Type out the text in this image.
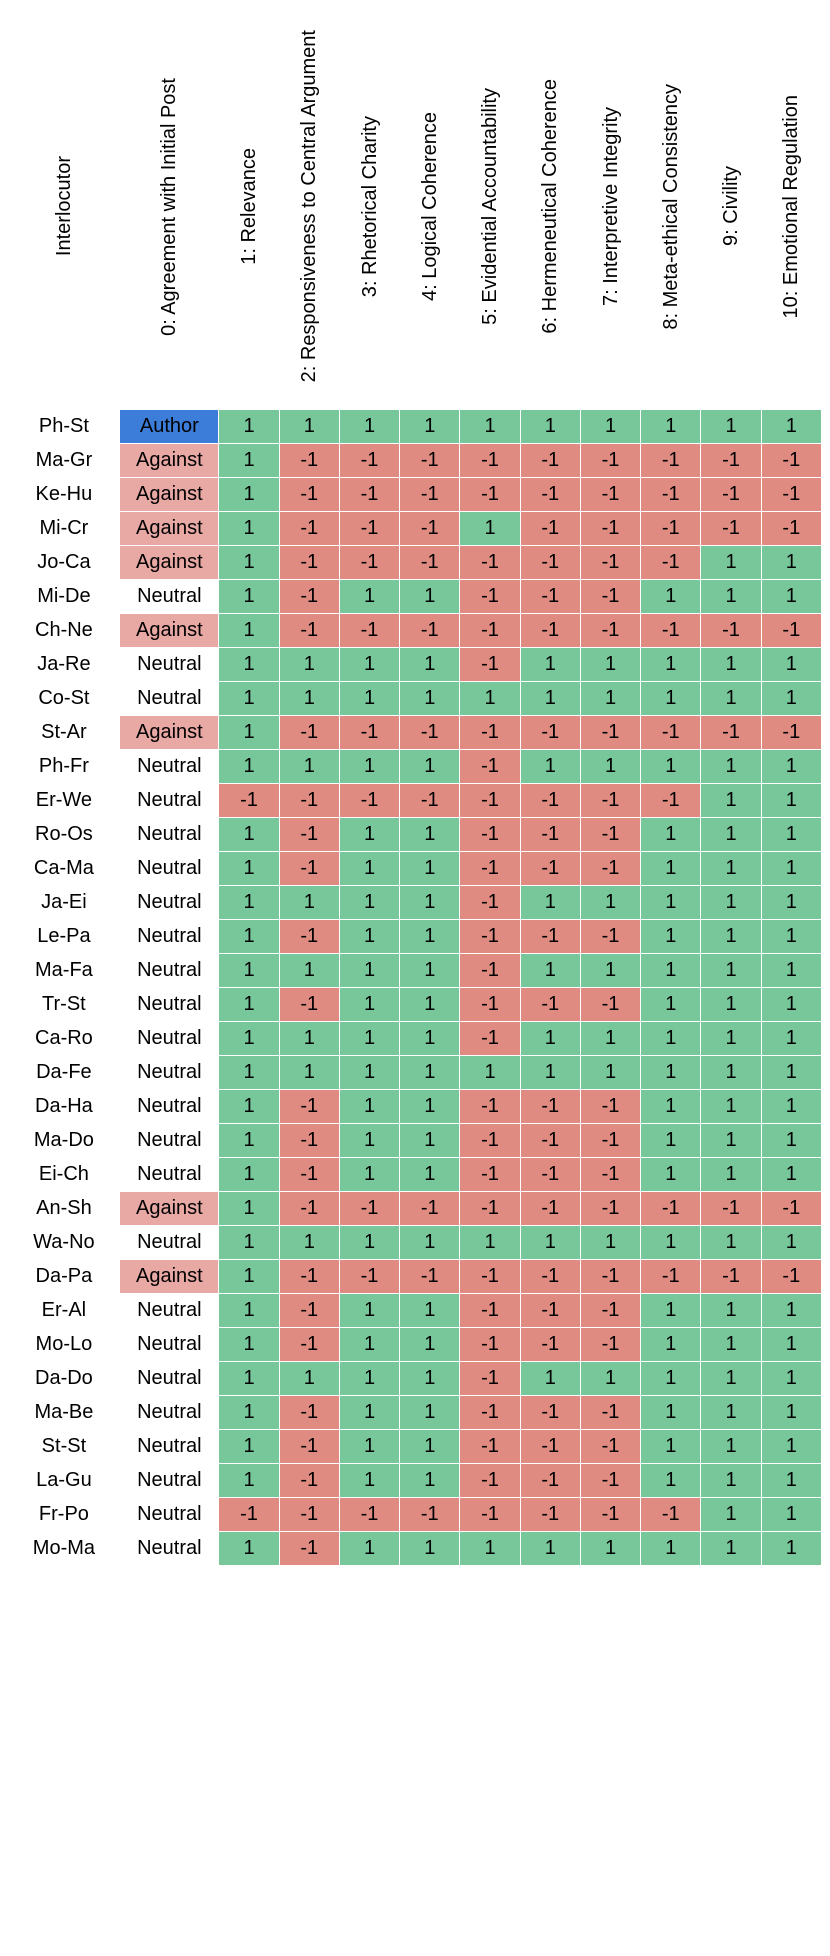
Interlocutor	0: Agreement with Initial Post	1: Relevance	2: Responsiveness to Central Argument	3: Rhetorical Charity	4: Logical Coherence	5: Evidential Accountability	6: Hermeneutical Coherence	7: Interpretive Integrity	8: Meta-ethical Consistency	9: Civility	10: Emotional Regulation
Ph-St	Author	1	1	1	1	1	1	1	1	1	1
Ma-Gr	Against	1	-1	-1	-1	-1	-1	-1	-1	-1	-1
Ke-Hu	Against	1	-1	-1	-1	-1	-1	-1	-1	-1	-1
Mi-Cr	Against	1	-1	-1	-1	1	-1	-1	-1	-1	-1
Jo-Ca	Against	1	-1	-1	-1	-1	-1	-1	-1	1	1
Mi-De	Neutral	1	-1	1	1	-1	-1	-1	1	1	1
Ch-Ne	Against	1	-1	-1	-1	-1	-1	-1	-1	-1	-1
Ja-Re	Neutral	1	1	1	1	-1	1	1	1	1	1
Co-St	Neutral	1	1	1	1	1	1	1	1	1	1
St-Ar	Against	1	-1	-1	-1	-1	-1	-1	-1	-1	-1
Ph-Fr	Neutral	1	1	1	1	-1	1	1	1	1	1
Er-We	Neutral	-1	-1	-1	-1	-1	-1	-1	-1	1	1
Ro-Os	Neutral	1	-1	1	1	-1	-1	-1	1	1	1
Ca-Ma	Neutral	1	-1	1	1	-1	-1	-1	1	1	1
Ja-Ei	Neutral	1	1	1	1	-1	1	1	1	1	1
Le-Pa	Neutral	1	-1	1	1	-1	-1	-1	1	1	1
Ma-Fa	Neutral	1	1	1	1	-1	1	1	1	1	1
Tr-St	Neutral	1	-1	1	1	-1	-1	-1	1	1	1
Ca-Ro	Neutral	1	1	1	1	-1	1	1	1	1	1
Da-Fe	Neutral	1	1	1	1	1	1	1	1	1	1
Da-Ha	Neutral	1	-1	1	1	-1	-1	-1	1	1	1
Ma-Do	Neutral	1	-1	1	1	-1	-1	-1	1	1	1
Ei-Ch	Neutral	1	-1	1	1	-1	-1	-1	1	1	1
An-Sh	Against	1	-1	-1	-1	-1	-1	-1	-1	-1	-1
Wa-No	Neutral	1	1	1	1	1	1	1	1	1	1
Da-Pa	Against	1	-1	-1	-1	-1	-1	-1	-1	-1	-1
Er-Al	Neutral	1	-1	1	1	-1	-1	-1	1	1	1
Mo-Lo	Neutral	1	-1	1	1	-1	-1	-1	1	1	1
Da-Do	Neutral	1	1	1	1	-1	1	1	1	1	1
Ma-Be	Neutral	1	-1	1	1	-1	-1	-1	1	1	1
St-St	Neutral	1	-1	1	1	-1	-1	-1	1	1	1
La-Gu	Neutral	1	-1	1	1	-1	-1	-1	1	1	1
Fr-Po	Neutral	-1	-1	-1	-1	-1	-1	-1	-1	1	1
Mo-Ma	Neutral	1	-1	1	1	1	1	1	1	1	1
